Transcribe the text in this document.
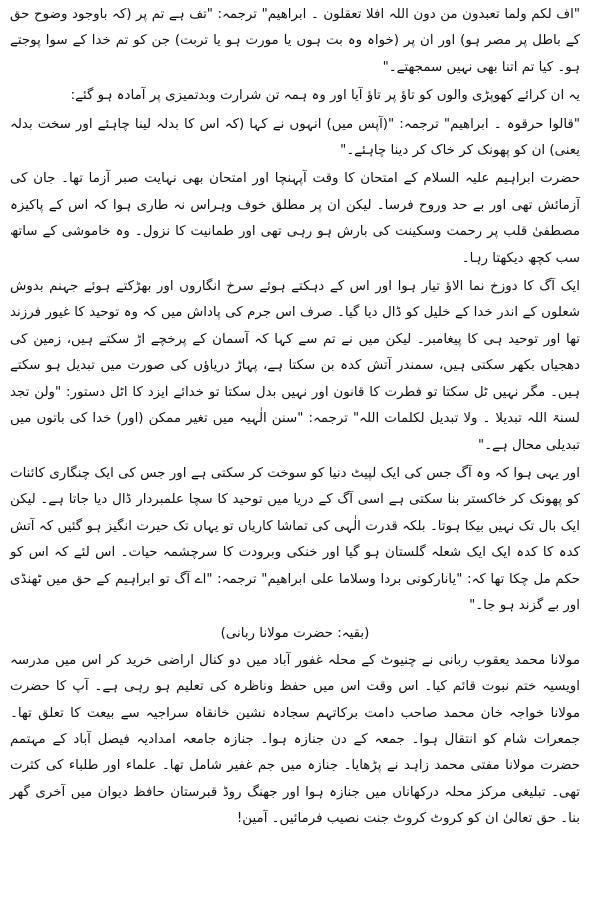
"اف لکم ولما تعبدون من دون اللہ افلا تعقلون ۔ ابراھیم" ترجمہ: "تف ہے تم پر (کہ باوجود وضوح حق کے باطل پر مصر ہو) اور ان پر (خواہ وہ بت ہوں یا مورت ہو یا تربت) جن کو تم خدا کے سوا پوجتے ہو۔ کیا تم اتنا بھی نہیں سمجھتے۔"

یہ ان کرائے کھوپڑی والوں کو تاؤ پر تاؤ آیا اور وہ ہمہ تن شرارت وبدتمیزی پر آمادہ ہو گئے:

"قالوا حرقوہ ۔ ابراھیم" ترجمہ: "(آپس میں) انہوں نے کہا (کہ اس کا بدلہ لینا چاہئے اور سخت بدلہ یعنی) ان کو پھونک کر خاک کر دینا چاہئے۔"

حضرت ابراہیم علیہ السلام کے امتحان کا وقت آپہنچا اور امتحان بھی نہایت صبر آزما تھا۔ جان کی آزمائش تھی اور بے حد وروح فرسا۔ لیکن ان پر مطلق خوف وہراس نہ طاری ہوا کہ اس کے پاکیزہ مصطفیٰ قلب پر رحمت وسکینت کی بارش ہو رہی تھی اور طمانیت کا نزول۔ وہ خاموشی کے ساتھ سب کچھ دیکھتا رہا۔

ایک آگ کا دوزخ نما الاؤ تیار ہوا اور اس کے دہکتے ہوئے سرخ انگاروں اور بھڑکتے ہوئے جہنم بدوش شعلوں کے اندر خدا کے خلیل کو ڈال دیا گیا۔ صرف اس جرم کی پاداش میں کہ وہ توحید کا غیور فرزند تھا اور توحید ہی کا پیغامبر۔ لیکن میں نے تم سے کہا کہ آسمان کے پرخچے اڑ سکتے ہیں، زمین کی دھجیاں بکھر سکتی ہیں، سمندر آتش کدہ بن سکتا ہے، پہاڑ دریاؤں کی صورت میں تبدیل ہو سکتے ہیں۔ مگر نہیں ٹل سکتا تو فطرت کا قانون اور نہیں بدل سکتا تو خدائے ایزد کا اٹل دستور: "ولن تجد لسنۃ اللہ تبدیلا ۔ ولا تبدیل لکلمات اللہ" ترجمہ: "سنن الٰہیہ میں تغیر ممکن (اور) خدا کی باتوں میں تبدیلی محال ہے۔"

اور یہی ہوا کہ وہ آگ جس کی ایک لپیٹ دنیا کو سوخت کر سکتی ہے اور جس کی ایک چنگاری کائنات کو پھونک کر خاکستر بنا سکتی ہے اسی آگ کے دریا میں توحید کا سچا علمبردار ڈال دیا جاتا ہے۔ لیکن ایک بال تک نہیں بیکا ہوتا۔ بلکہ قدرت الٰہی کی تماشا کاریاں تو یہاں تک حیرت انگیز ہو گئیں کہ آتش کدہ کا کدہ ایک ایک شعلہ گلستان ہو گیا اور خنکی وبرودت کا سرچشمہ حیات۔ اس لئے کہ اس کو حکم مل چکا تھا کہ: "یانارکونی بردا وسلاما علی ابراھیم" ترجمہ: "اے آگ تو ابراہیم کے حق میں ٹھنڈی اور بے گزند ہو جا۔"

(بقیہ: حضرت مولانا ربانی)

مولانا محمد یعقوب ربانی نے چنیوٹ کے محلہ غفور آباد میں دو کنال اراضی خرید کر اس میں مدرسہ اویسیہ ختم نبوت قائم کیا۔ اس وقت اس میں حفظ وناظرہ کی تعلیم ہو رہی ہے۔ آپ کا حضرت مولانا خواجہ خان محمد صاحب دامت برکاتہم سجادہ نشین خانقاہ سراجیہ سے بیعت کا تعلق تھا۔ جمعرات شام کو انتقال ہوا۔ جمعہ کے دن جنازہ ہوا۔ جنازہ جامعہ امدادیہ فیصل آباد کے مہتمم حضرت مولانا مفتی محمد زاہد نے پڑھایا۔ جنازہ میں جم غفیر شامل تھا۔ علماء اور طلباء کی کثرت تھی۔ تبلیغی مرکز محلہ درکھاناں میں جنازہ ہوا اور جھنگ روڈ قبرستان حافظ دیوان میں آخری گھر بنا۔ حق تعالیٰ ان کو کروٹ کروٹ جنت نصیب فرمائیں۔ آمین!
